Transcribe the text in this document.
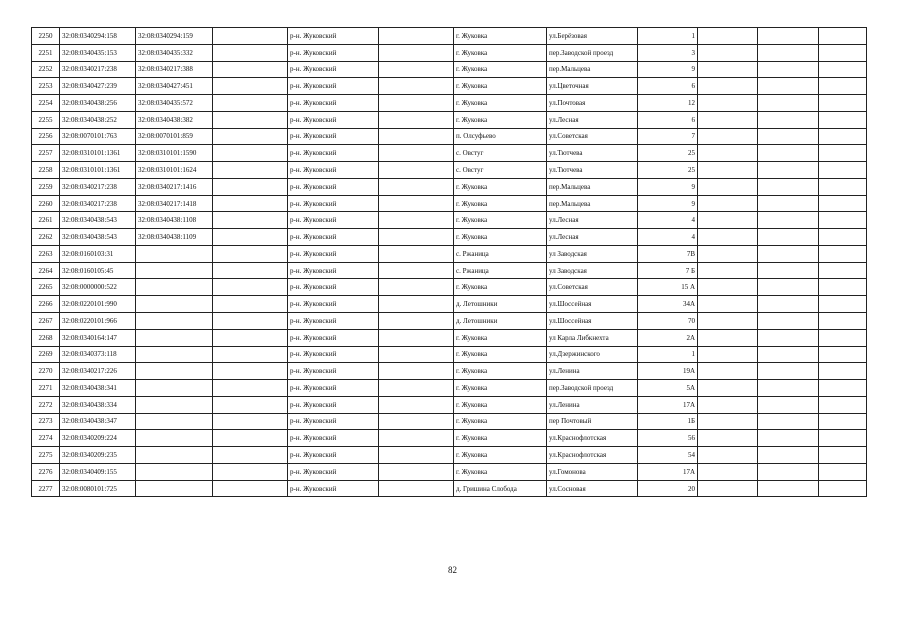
2250	32:08:0340294:158	32:08:0340294:159		р-н. Жуковский		г. Жуковка	ул.Берёзовая	1			
2251	32:08:0340435:153	32:08:0340435:332		р-н. Жуковский		г. Жуковка	пер.Заводской проезд	3			
2252	32:08:0340217:238	32:08:0340217:388		р-н. Жуковский		г. Жуковка	пер.Мальцева	9			
2253	32:08:0340427:239	32:08:0340427:451		р-н. Жуковский		г. Жуковка	ул.Цветочная	6			
2254	32:08:0340438:256	32:08:0340435:572		р-н. Жуковский		г. Жуковка	ул.Почтовая	12			
2255	32:08:0340438:252	32:08:0340438:382		р-н. Жуковский		г. Жуковка	ул.Лесная	6			
2256	32:08:0070101:763	32:08:0070101:859		р-н. Жуковский		п. Олсуфьево	ул.Советская	7			
2257	32:08:0310101:1361	32:08:0310101:1590		р-н. Жуковский		с. Овстуг	ул.Тютчева	25			
2258	32:08:0310101:1361	32:08:0310101:1624		р-н. Жуковский		с. Овстуг	ул.Тютчева	25			
2259	32:08:0340217:238	32:08:0340217:1416		р-н. Жуковский		г. Жуковка	пер.Мальцева	9			
2260	32:08:0340217:238	32:08:0340217:1418		р-н. Жуковский		г. Жуковка	пер.Мальцева	9			
2261	32:08:0340438:543	32:08:0340438:1108		р-н. Жуковский		г. Жуковка	ул.Лесная	4			
2262	32:08:0340438:543	32:08:0340438:1109		р-н. Жуковский		г. Жуковка	ул.Лесная	4			
2263	32:08:0160103:31			р-н. Жуковский		с. Ржаница	ул Заводская	7В			
2264	32:08:0160105:45			р-н. Жуковский		с. Ржаница	ул Заводская	7 Б			
2265	32:08:0000000:522			р-н. Жуковский		г. Жуковка	ул.Советская	15 А			
2266	32:08:0220101:990			р-н. Жуковский		д. Летошники	ул.Шоссейная	34А			
2267	32:08:0220101:966			р-н. Жуковский		д. Летошники	ул.Шоссейная	70			
2268	32:08:0340164:147			р-н. Жуковский		г. Жуковка	ул Карла Либкнехта	2А			
2269	32:08:0340373:118			р-н. Жуковский		г. Жуковка	ул.Дзержинского	1			
2270	32:08:0340217:226			р-н. Жуковский		г. Жуковка	ул.Ленина	19А			
2271	32:08:0340438:341			р-н. Жуковский		г. Жуковка	пер.Заводской проезд	5А			
2272	32:08:0340438:334			р-н. Жуковский		г. Жуковка	ул.Ленина	17А			
2273	32:08:0340438:347			р-н. Жуковский		г. Жуковка	пер Почтовый	1Б			
2274	32:08:0340209:224			р-н. Жуковский		г. Жуковка	ул.Краснофлотская	56			
2275	32:08:0340209:235			р-н. Жуковский		г. Жуковка	ул.Краснофлотская	54			
2276	32:08:0340409:155			р-н. Жуковский		г. Жуковка	ул.Гомонова	17А			
2277	32:08:0080101:725			р-н. Жуковский		д. Гришина Слобода	ул.Сосновая	20			
82
